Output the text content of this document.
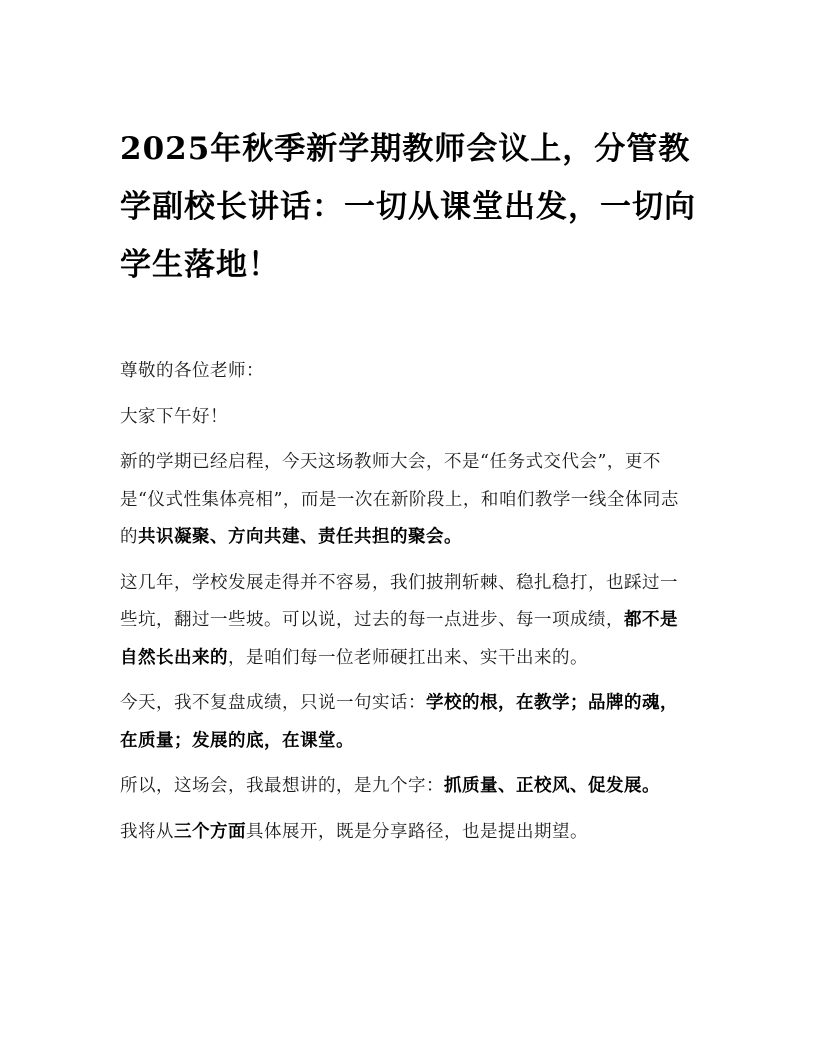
2025年秋季新学期教师会议上，分管教学副校长讲话：一切从课堂出发，一切向学生落地！

尊敬的各位老师：

大家下午好！

新的学期已经启程，今天这场教师大会，不是“任务式交代会”，更不是“仪式性集体亮相”，而是一次在新阶段上，和咱们教学一线全体同志的共识凝聚、方向共建、责任共担的聚会。

这几年，学校发展走得并不容易，我们披荆斩棘、稳扎稳打，也踩过一些坑，翻过一些坡。可以说，过去的每一点进步、每一项成绩，都不是自然长出来的，是咱们每一位老师硬扛出来、实干出来的。

今天，我不复盘成绩，只说一句实话：学校的根，在教学；品牌的魂，在质量；发展的底，在课堂。

所以，这场会，我最想讲的，是九个字：抓质量、正校风、促发展。

我将从三个方面具体展开，既是分享路径，也是提出期望。
